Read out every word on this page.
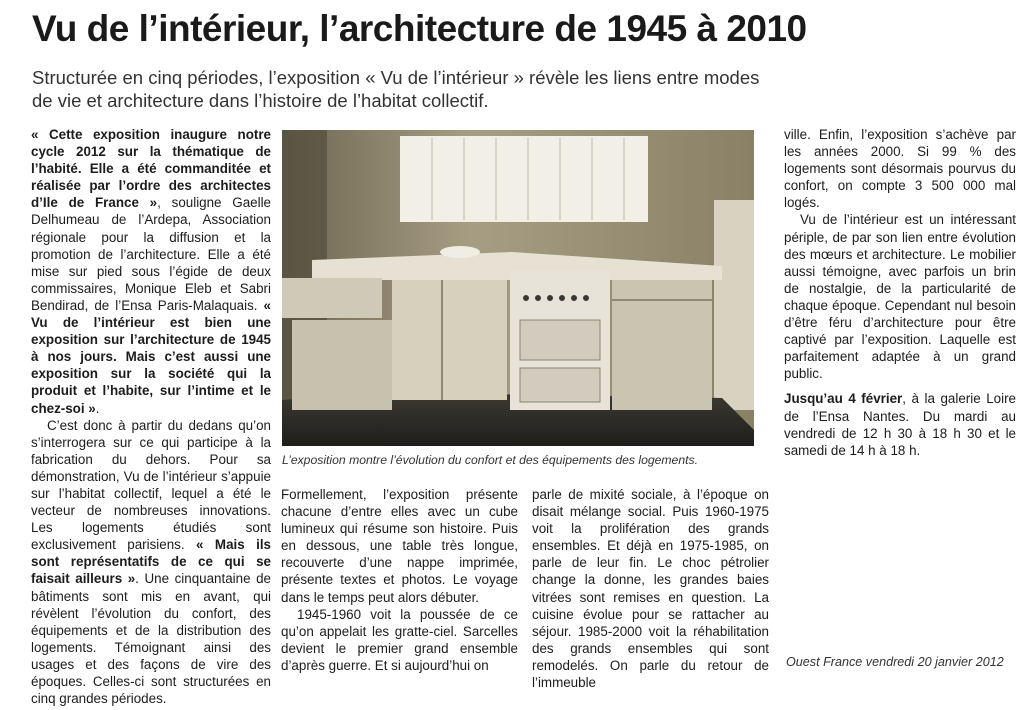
Vu de l’intérieur, l’architecture de 1945 à 2010
Structurée en cinq périodes, l’exposition « Vu de l’intérieur » révèle les liens entre modes
de vie et architecture dans l’histoire de l’habitat collectif.

« Cette exposition inaugure notre cycle 2012 sur la thématique de l’habité. Elle a été commanditée et réalisée par l’ordre des architectes d’Ile de France », souligne Gaelle Delhumeau de l’Ardepa, Association régionale pour la diffusion et la promotion de l’architecture. Elle a été mise sur pied sous l’égide de deux commissaires, Monique Eleb et Sabri Bendirad, de l’Ensa Paris-Malaquais. « Vu de l’intérieur est bien une exposition sur l’architecture de 1945 à nos jours. Mais c’est aussi une exposition sur la société qui la produit et l’habite, sur l’intime et le chez-soi ».

C’est donc à partir du dedans qu’on s’interrogera sur ce qui participe à la fabrication du dehors. Pour sa démonstration, Vu de l’intérieur s’appuie sur l’habitat collectif, lequel a été le vecteur de nombreuses innovations. Les logements étudiés sont exclusivement parisiens. « Mais ils sont représentatifs de ce qui se faisait ailleurs ». Une cinquantaine de bâtiments sont mis en avant, qui révèlent l’évolution du confort, des équipements et de la distribution des logements. Témoignant ainsi des usages et des façons de vire des époques. Celles-ci sont structurées en cinq grandes périodes.

L’exposition montre l’évolution du confort et des équipements des logements.

Formellement, l’exposition présente chacune d’entre elles avec un cube lumineux qui résume son histoire. Puis en dessous, une table très longue, recouverte d’une nappe imprimée, présente textes et photos. Le voyage dans le temps peut alors débuter.

1945-1960 voit la poussée de ce qu’on appelait les gratte-ciel. Sarcelles devient le premier grand ensemble d’après guerre. Et si aujourd’hui on

parle de mixité sociale, à l’époque on disait mélange social. Puis 1960-1975 voit la prolifération des grands ensembles. Et déjà en 1975-1985, on parle de leur fin. Le choc pétrolier change la donne, les grandes baies vitrées sont remises en question. La cuisine évolue pour se rattacher au séjour. 1985-2000 voit la réhabilitation des grands ensembles qui sont remodelés. On parle du retour de l’immeuble

ville. Enfin, l’exposition s’achève par les années 2000. Si 99 % des logements sont désormais pourvus du confort, on compte 3 500 000 mal logés.

Vu de l’intérieur est un intéressant périple, de par son lien entre évolution des mœurs et architecture. Le mobilier aussi témoigne, avec parfois un brin de nostalgie, de la particularité de chaque époque. Cependant nul besoin d’être féru d’architecture pour être captivé par l’exposition. Laquelle est parfaitement adaptée à un grand public.

Jusqu’au 4 février, à la galerie Loire de l’Ensa Nantes. Du mardi au vendredi de 12 h 30 à 18 h 30 et le samedi de 14 h à 18 h.

Ouest France vendredi 20 janvier 2012
